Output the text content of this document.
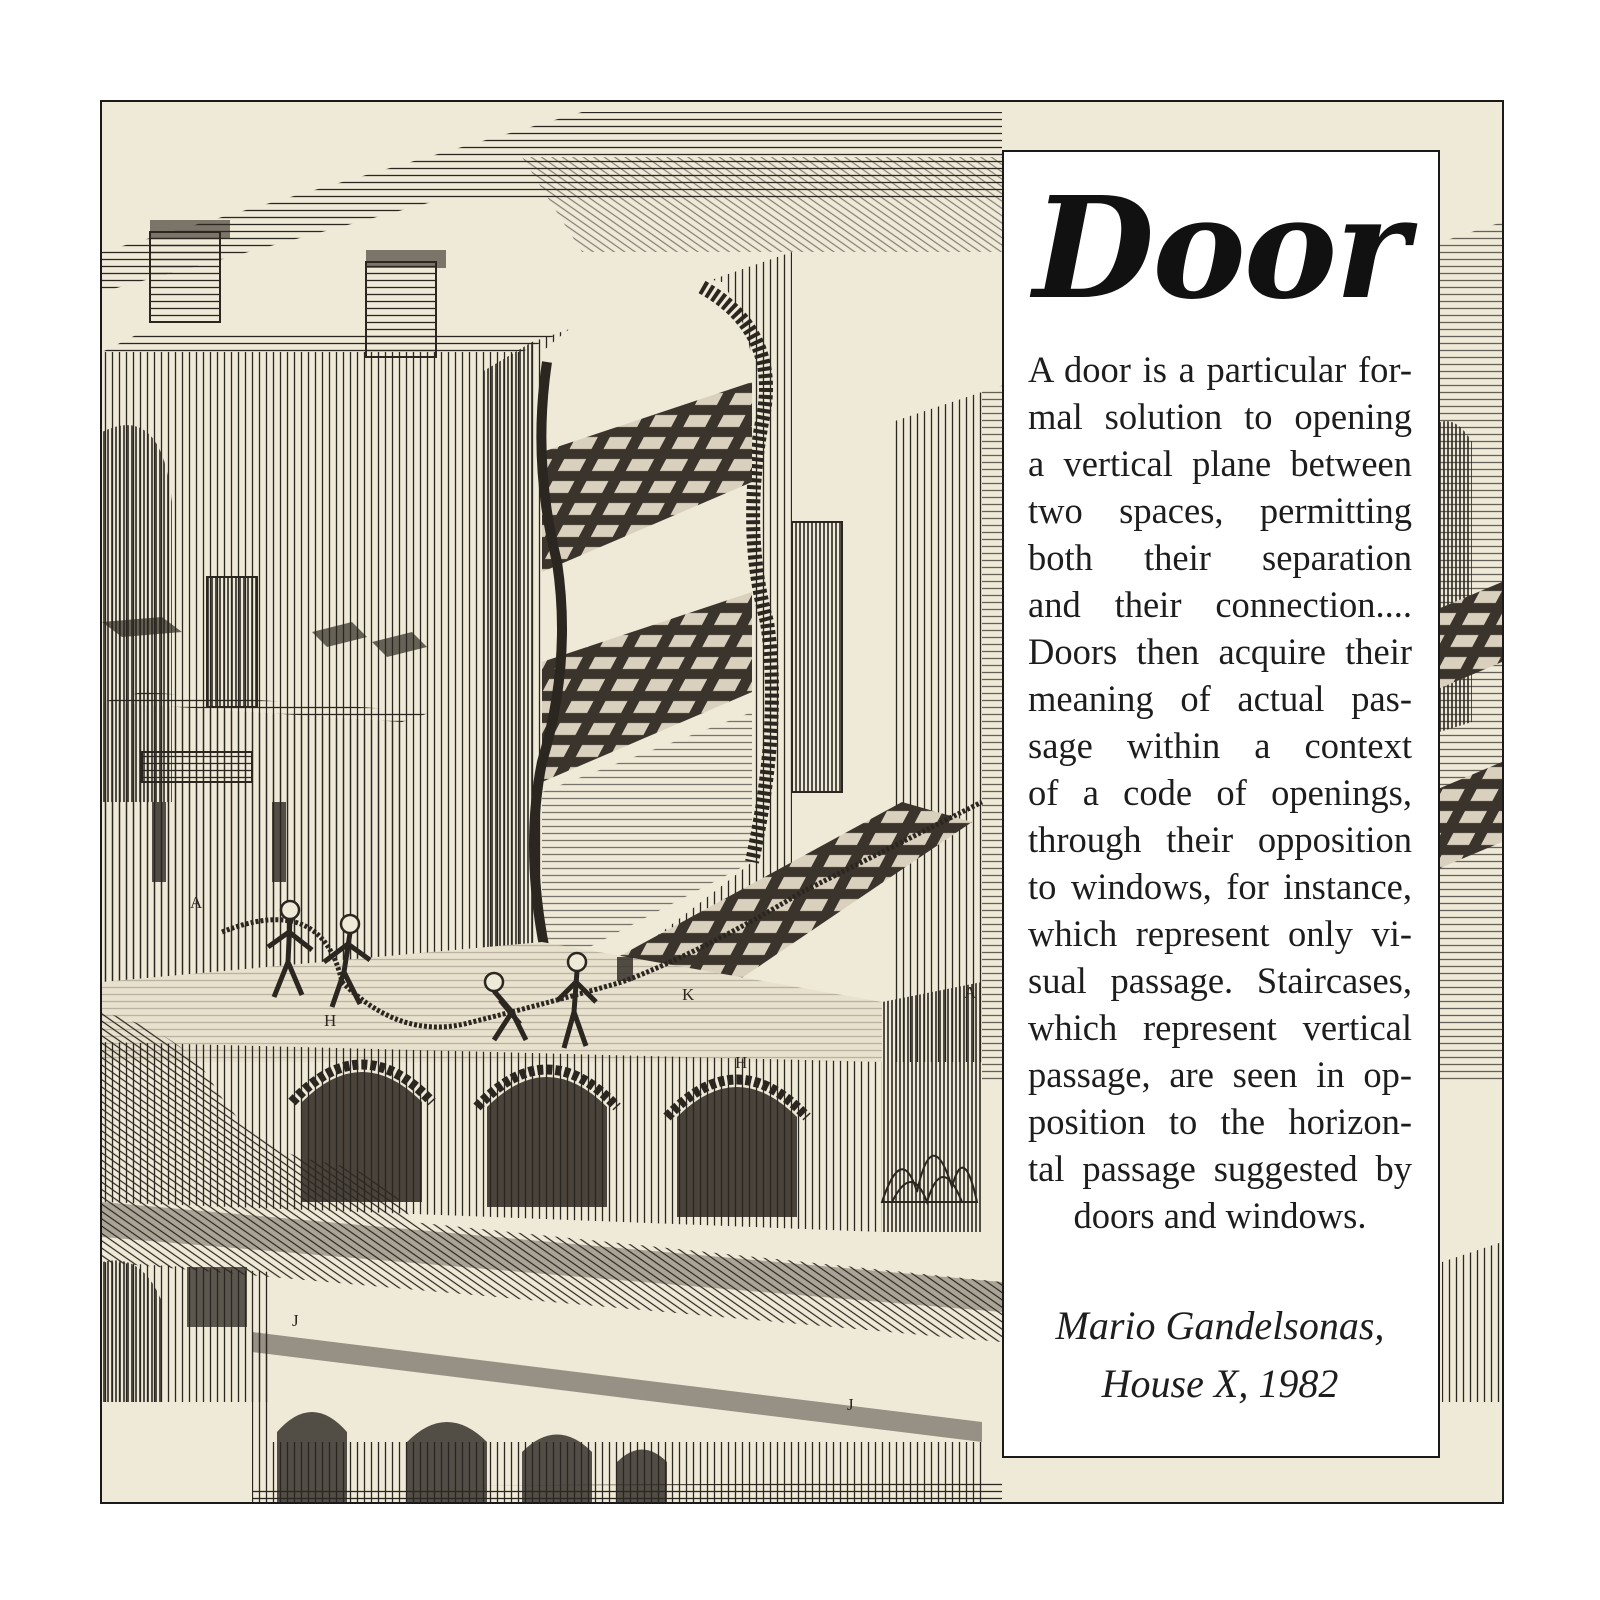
A
H
H
K
J
J
A
Door

A door is a particular for-
mal solution to opening
a vertical plane between
two spaces, permitting
both their separation
and their connection....
Doors then acquire their
meaning of actual pas-
sage within a context
of a code of openings,
through their opposition
to windows, for instance,
which represent only vi-
sual passage. Staircases,
which represent vertical
passage, are seen in op-
position to the horizon-
tal passage suggested by
doors and windows.

Mario Gandelsonas,
House X, 1982
